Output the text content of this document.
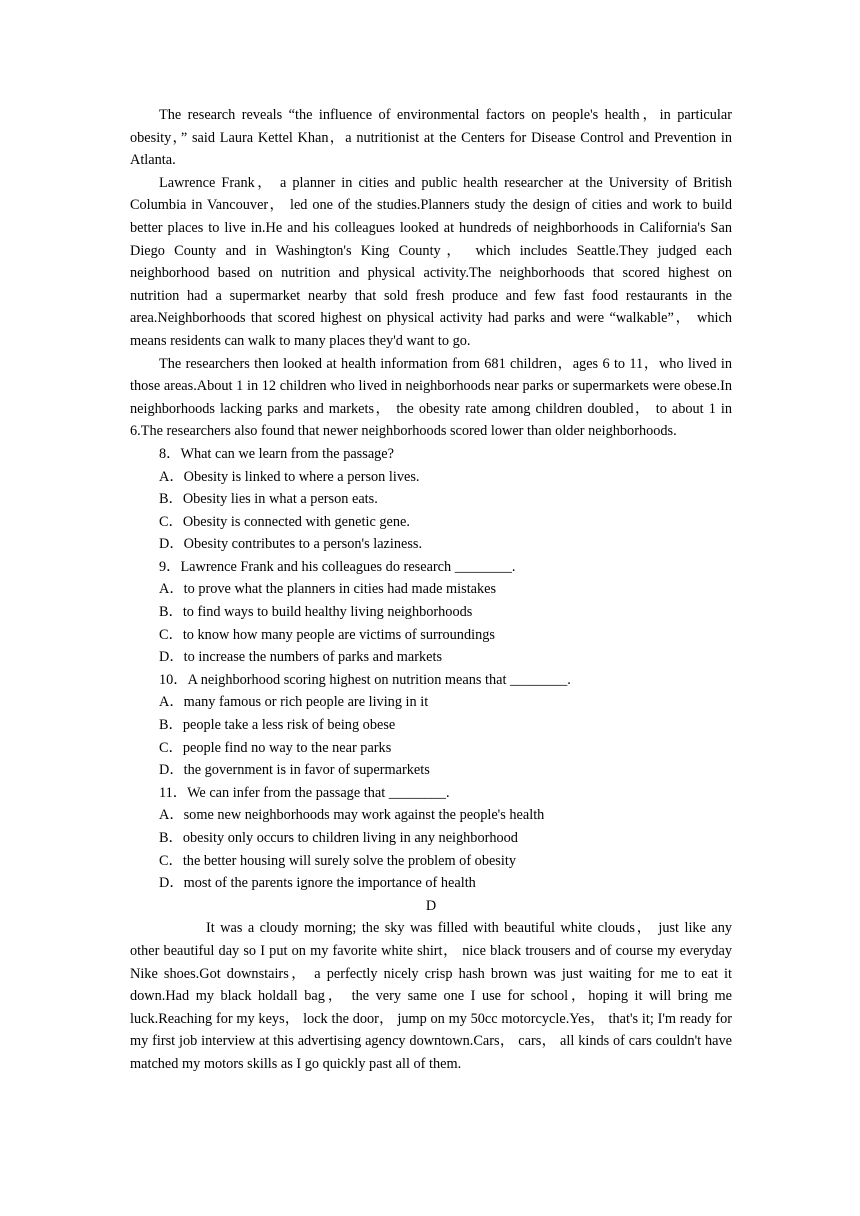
The research reveals “the influence of environmental factors on people's health，in particular obesity，” said Laura Kettel Khan，a nutritionist at the Centers for Disease Control and Prevention in Atlanta.

Lawrence Frank， a planner in cities and public health researcher at the University of British Columbia in Vancouver， led one of the studies.Planners study the design of cities and work to build better places to live in.He and his colleagues looked at hundreds of neighborhoods in California's San Diego County and in Washington's King County， which includes Seattle.They judged each neighborhood based on nutrition and physical activity.The neighborhoods that scored highest on nutrition had a supermarket nearby that sold fresh produce and few fast food restaurants in the area.Neighborhoods that scored highest on physical activity had parks and were “walkable”， which means residents can walk to many places they'd want to go.

The researchers then looked at health information from 681 children，ages 6 to 11，who lived in those areas.About 1 in 12 children who lived in neighborhoods near parks or supermarkets were obese.In neighborhoods lacking parks and markets， the obesity rate among children doubled， to about 1 in 6.The researchers also found that newer neighborhoods scored lower than older neighborhoods.

8．What can we learn from the passage?

A．Obesity is linked to where a person lives.

B．Obesity lies in what a person eats.

C．Obesity is connected with genetic gene.

D．Obesity contributes to a person's laziness.

9．Lawrence Frank and his colleagues do research ________.

A．to prove what the planners in cities had made mistakes

B．to find ways to build healthy living neighborhoods

C．to know how many people are victims of surroundings

D．to increase the numbers of parks and markets

10．A neighborhood scoring highest on nutrition means that ________.

A．many famous or rich people are living in it

B．people take a less risk of being obese

C．people find no way to the near parks

D．the government is in favor of supermarkets

11．We can infer from the passage that ________.

A．some new neighborhoods may work against the people's health

B．obesity only occurs to children living in any neighborhood

C．the better housing will surely solve the problem of obesity

D．most of the parents ignore the importance of health

D

It was a cloudy morning; the sky was filled with beautiful white clouds， just like any other beautiful day so I put on my favorite white shirt， nice black trousers and of course my everyday Nike shoes.Got downstairs， a perfectly nicely crisp hash brown was just waiting for me to eat it down.Had my black holdall bag， the very same one I use for school，hoping it will bring me luck.Reaching for my keys， lock the door， jump on my 50cc motorcycle.Yes， that's it; I'm ready for my first job interview at this advertising agency downtown.Cars， cars， all kinds of cars couldn't have matched my motors skills as I go quickly past all of them.
